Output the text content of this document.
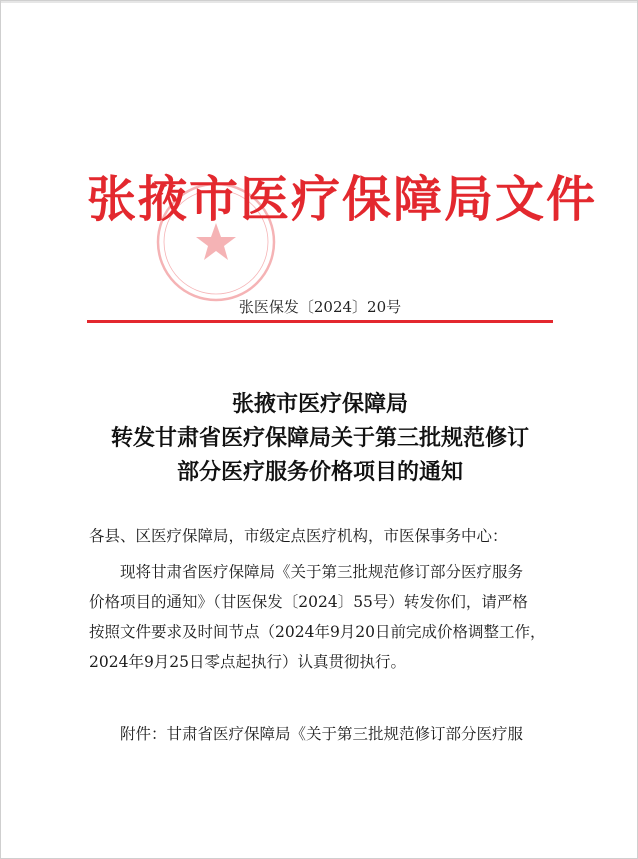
张掖市医疗保障局文件
张医保发〔2024〕20号
张掖市医疗保障局
转发甘肃省医疗保障局关于第三批规范修订
部分医疗服务价格项目的通知
各县、区医疗保障局，市级定点医疗机构，市医保事务中心：
现将甘肃省医疗保障局《关于第三批规范修订部分医疗服务
价格项目的通知》（甘医保发〔2024〕55号）转发你们，请严格
按照文件要求及时间节点（2024年9月20日前完成价格调整工作，
2024年9月25日零点起执行）认真贯彻执行。
附件：甘肃省医疗保障局《关于第三批规范修订部分医疗服
